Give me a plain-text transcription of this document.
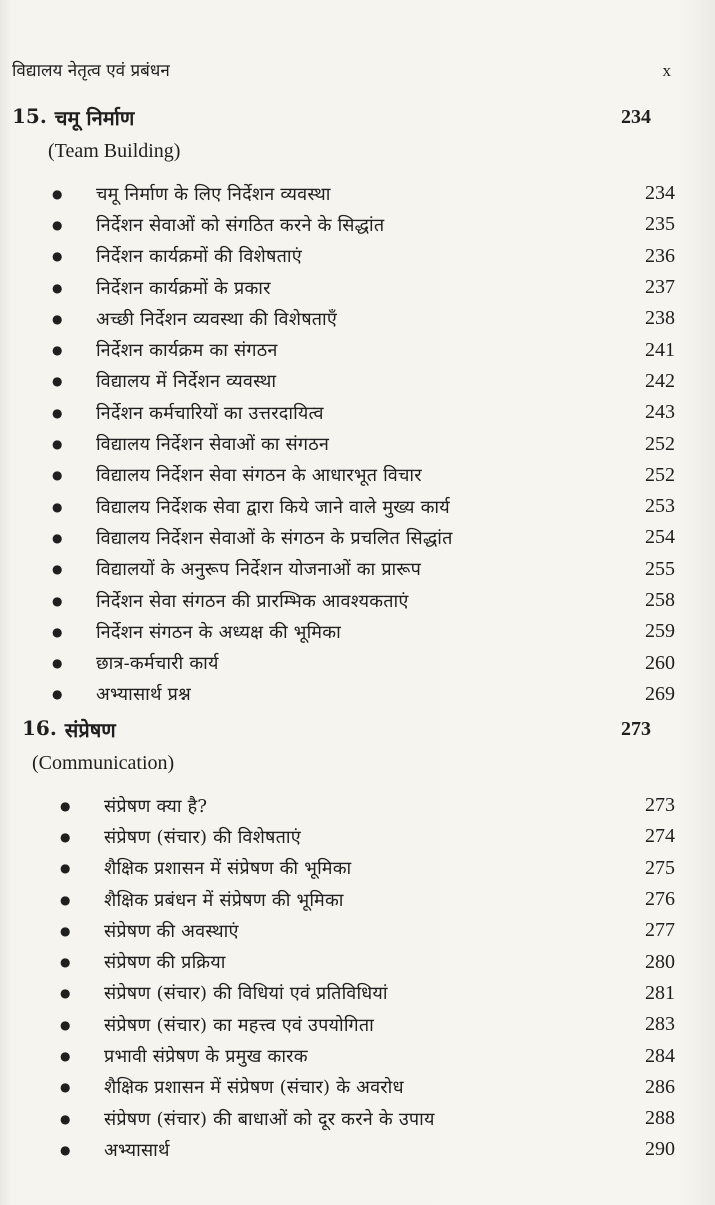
विद्यालय नेतृत्व एवं प्रबंधन	x
15. चमू निर्माण	234
(Team Building)
●	चमू निर्माण के लिए निर्देशन व्यवस्था	234
●	निर्देशन सेवाओं को संगठित करने के सिद्धांत	235
●	निर्देशन कार्यक्रमों की विशेषताएं	236
●	निर्देशन कार्यक्रमों के प्रकार	237
●	अच्छी निर्देशन व्यवस्था की विशेषताएँ	238
●	निर्देशन कार्यक्रम का संगठन	241
●	विद्यालय में निर्देशन व्यवस्था	242
●	निर्देशन कर्मचारियों का उत्तरदायित्व	243
●	विद्यालय निर्देशन सेवाओं का संगठन	252
●	विद्यालय निर्देशन सेवा संगठन के आधारभूत विचार	252
●	विद्यालय निर्देशक सेवा द्वारा किये जाने वाले मुख्य कार्य	253
●	विद्यालय निर्देशन सेवाओं के संगठन के प्रचलित सिद्धांत	254
●	विद्यालयों के अनुरूप निर्देशन योजनाओं का प्रारूप	255
●	निर्देशन सेवा संगठन की प्रारम्भिक आवश्यकताएं	258
●	निर्देशन संगठन के अध्यक्ष की भूमिका	259
●	छात्र-कर्मचारी कार्य	260
●	अभ्यासार्थ प्रश्न	269
16. संप्रेषण	273
(Communication)
●	संप्रेषण क्या है?	273
●	संप्रेषण (संचार) की विशेषताएं	274
●	शैक्षिक प्रशासन में संप्रेषण की भूमिका	275
●	शैक्षिक प्रबंधन में संप्रेषण की भूमिका	276
●	संप्रेषण की अवस्थाएं	277
●	संप्रेषण की प्रक्रिया	280
●	संप्रेषण (संचार) की विधियां एवं प्रतिविधियां	281
●	संप्रेषण (संचार) का महत्त्व एवं उपयोगिता	283
●	प्रभावी संप्रेषण के प्रमुख कारक	284
●	शैक्षिक प्रशासन में संप्रेषण (संचार) के अवरोध	286
●	संप्रेषण (संचार) की बाधाओं को दूर करने के उपाय	288
●	अभ्यासार्थ	290
